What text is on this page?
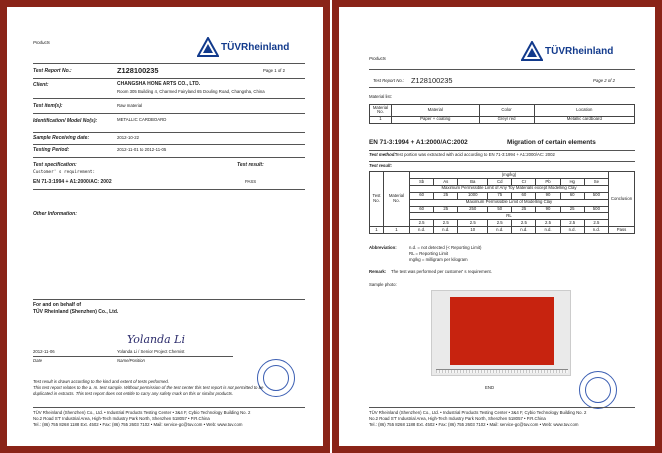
Products	TÜVRheinland
Test Report No.:	Z128100235	Page 1 of 2
Client:	CHANGSHA HONE ARTS CO., LTD.
Room 305 Building 4, Charmed Fairyland 65 Douling Road, Changsha, China
Test item(s):	Raw material
Identification/ Model No(s):	METALLIC CARDBOARD
Sample Receiving date:	2012-10-22
Testing Period:	2012-11-01 to 2012-11-05
Test specification:	Test result:
Customer' s requirement:
EN 71-3:1994 + A1:2000/AC: 2002	PASS
Other Information:
For and on behalf of
TÜV Rheinland (Shenzhen) Co., Ltd.
Yolanda Li
2012-11-06	Yolanda Li / Senior Project Chemist
Date	Name/Position
Test result is drawn according to the kind and extent of tests performed.
This test report relates to the a. m. test sample. Without permission of the test center this test report is not permitted to be
duplicated in extracts. This test report does not entitle to carry any safety mark on this or similar products.
TÜV Rheinland (Shenzhen) Co., Ltd. • Industrial Products Testing Center • 3&4 F, Cybio Technology Building No. 2
No.2 Road S'T Industrial Area, High-Tech Industry Park North, Shenzhen 518057 • P.R.China
Tel.: (86) 755 8268 1188 Ext. 4502 • Fax: (86) 755 2603 7102 • Mail: service-gc@tuv.com • Web: www.tuv.com
Products
TÜVRheinland
Test Report No.: Z128100235	Page 2 of 2
Material list:
Material No.	Material	Color	Location
1	Paper + coating	Grey/ red	Metallic cardboard
EN 71-3:1994 + A1:2000/AC:2002	Migration of certain elements
Test method: Test portion was extracted with acid according to EN 71-3:1994 + A1:2000/AC: 2002
Test result:
Test No.	Material No.	(mg/kg)								Conclusion
		Sb	As	Ba	Cd	Cr	Pb	Hg	Se	
		Maximum Permissible Limit of Any Toy Materials except Modelling Clay								
		60	25	1000	75	60	90	60	500	
		Maximum Permissible Limit of Modelling Clay								
		60	25	250	50	25	90	25	500	
		RL								
		2.5	2.5	2.5	2.5	2.5	2.5	2.5	2.5	
1	1	n.d.	n.d.	10	n.d.	n.d.	n.d.	n.d.	n.d.	Pass
Abbreviation:	n.d. = not detected (< Reporting Limit)
RL = Reporting Limit
mg/kg = milligram per kilogram
Remark: The test was performed per customer' s requirement.
Sample photo:
END
TÜV Rheinland (Shenzhen) Co., Ltd. • Industrial Products Testing Center • 3&4 F, Cybio Technology Building No. 2
No.2 Road S'T Industrial Area, High-Tech Industry Park North, Shenzhen 518057 • P.R.China
Tel.: (86) 755 8268 1188 Ext. 4502 • Fax: (86) 755 2603 7102 • Mail: service-gc@tuv.com • Web: www.tuv.com
